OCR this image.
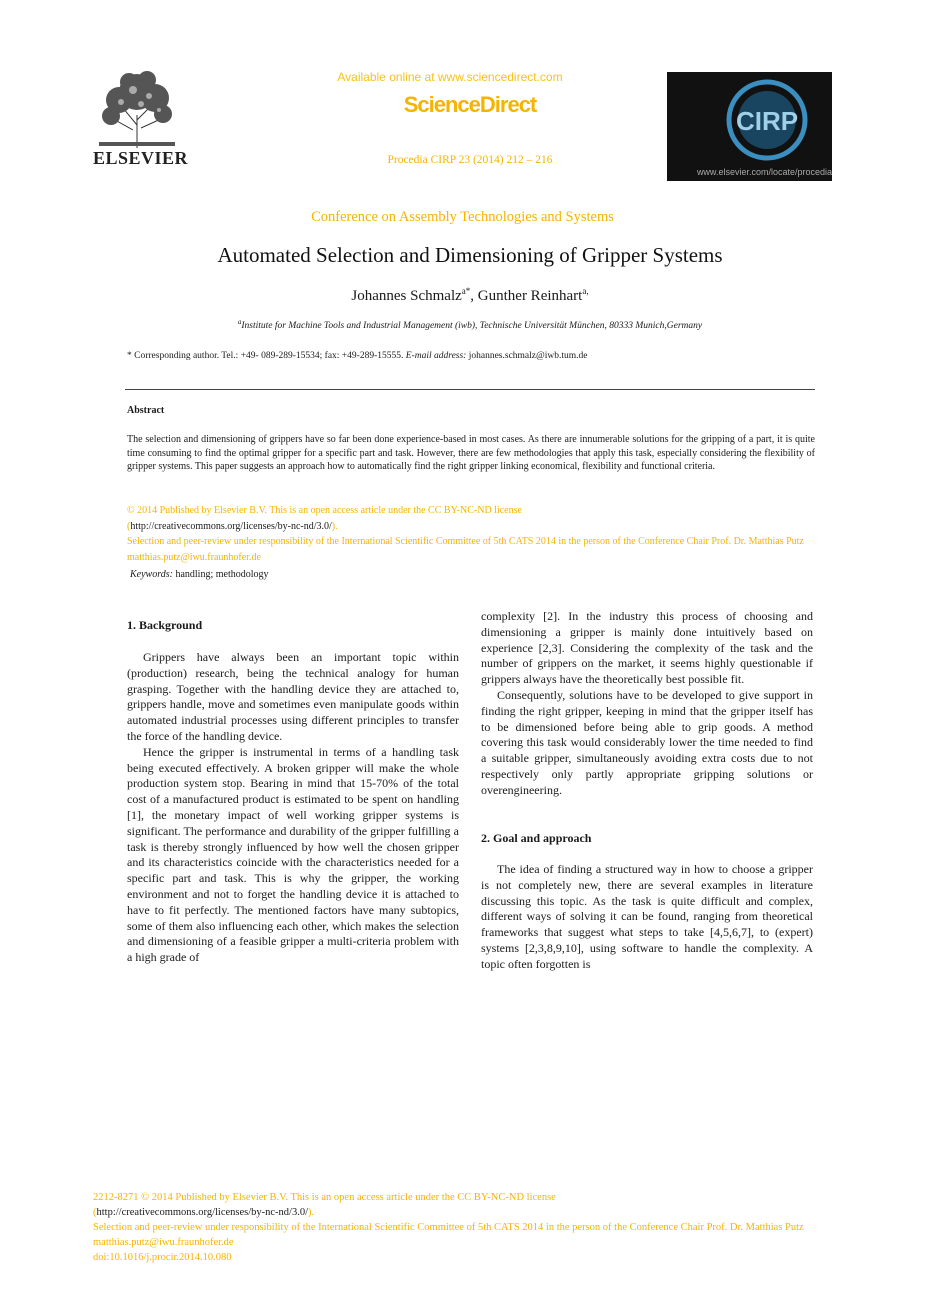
ELSEVIER
Available online at www.sciencedirect.com
ScienceDirect
Procedia CIRP 23 (2014) 212 – 216
CIRP
www.elsevier.com/locate/procedia
Conference on Assembly Technologies and Systems
Automated Selection and Dimensioning of Gripper Systems
Johannes Schmalz$^{a*}$, Gunther Reinhart$^{a,}$
$^a$Institute for Machine Tools and Industrial Management (iwb), Technische Universität München, 80333 Munich,Germany
* Corresponding author. Tel.: +49- 089-289-15534; fax: +49-289-15555. E-mail address: johannes.schmalz@iwb.tum.de
Abstract
The selection and dimensioning of grippers have so far been done experience-based in most cases. As there are innumerable solutions for the gripping of a part, it is quite time consuming to find the optimal gripper for a specific part and task. However, there are few methodologies that apply this task, especially considering the flexibility of gripper systems. This paper suggests an approach how to automatically find the right gripper linking economical, flexibility and functional criteria.
© 2014 Published by Elsevier B.V. This is an open access article under the CC BY-NC-ND license
(http://creativecommons.org/licenses/by-nc-nd/3.0/).
Selection and peer-review under responsibility of the International Scientific Committee of 5th CATS 2014 in the person of the Conference Chair Prof. Dr. Matthias Putz matthias.putz@iwu.fraunhofer.de
Keywords: handling; methodology
1. Background

Grippers have always been an important topic within (production) research, being the technical analogy for human grasping. Together with the handling device they are attached to, grippers handle, move and sometimes even manipulate goods within automated industrial processes using different principles to transfer the force of the handling device.

Hence the gripper is instrumental in terms of a handling task being executed effectively. A broken gripper will make the whole production system stop. Bearing in mind that 15-70% of the total cost of a manufactured product is estimated to be spent on handling [1], the monetary impact of well working gripper systems is significant. The performance and durability of the gripper fulfilling a task is thereby strongly influenced by how well the chosen gripper and its characteristics coincide with the characteristics needed for a specific part and task. This is why the gripper, the working environment and not to forget the handling device it is attached to have to fit perfectly. The mentioned factors have many subtopics, some of them also influencing each other, which makes the selection and dimensioning of a feasible gripper a multi-criteria problem with a high grade of

complexity [2]. In the industry this process of choosing and dimensioning a gripper is mainly done intuitively based on experience [2,3]. Considering the complexity of the task and the number of grippers on the market, it seems highly questionable if grippers always have the theoretically best possible fit.

Consequently, solutions have to be developed to give support in finding the right gripper, keeping in mind that the gripper itself has to be dimensioned before being able to grip goods. A method covering this task would considerably lower the time needed to find a suitable gripper, simultaneously avoiding extra costs due to not respectively only partly appropriate gripping solutions or overengineering.

2. Goal and approach

The idea of finding a structured way in how to choose a gripper is not completely new, there are several examples in literature discussing this topic. As the task is quite difficult and complex, different ways of solving it can be found, ranging from theoretical frameworks that suggest what steps to take [4,5,6,7], to (expert) systems [2,3,8,9,10], using software to handle the complexity. A topic often forgotten is

2212-8271 © 2014 Published by Elsevier B.V. This is an open access article under the CC BY-NC-ND license
(http://creativecommons.org/licenses/by-nc-nd/3.0/).
Selection and peer-review under responsibility of the International Scientific Committee of 5th CATS 2014 in the person of the Conference Chair Prof. Dr. Matthias Putz matthias.putz@iwu.fraunhofer.de
doi:10.1016/j.procir.2014.10.080
